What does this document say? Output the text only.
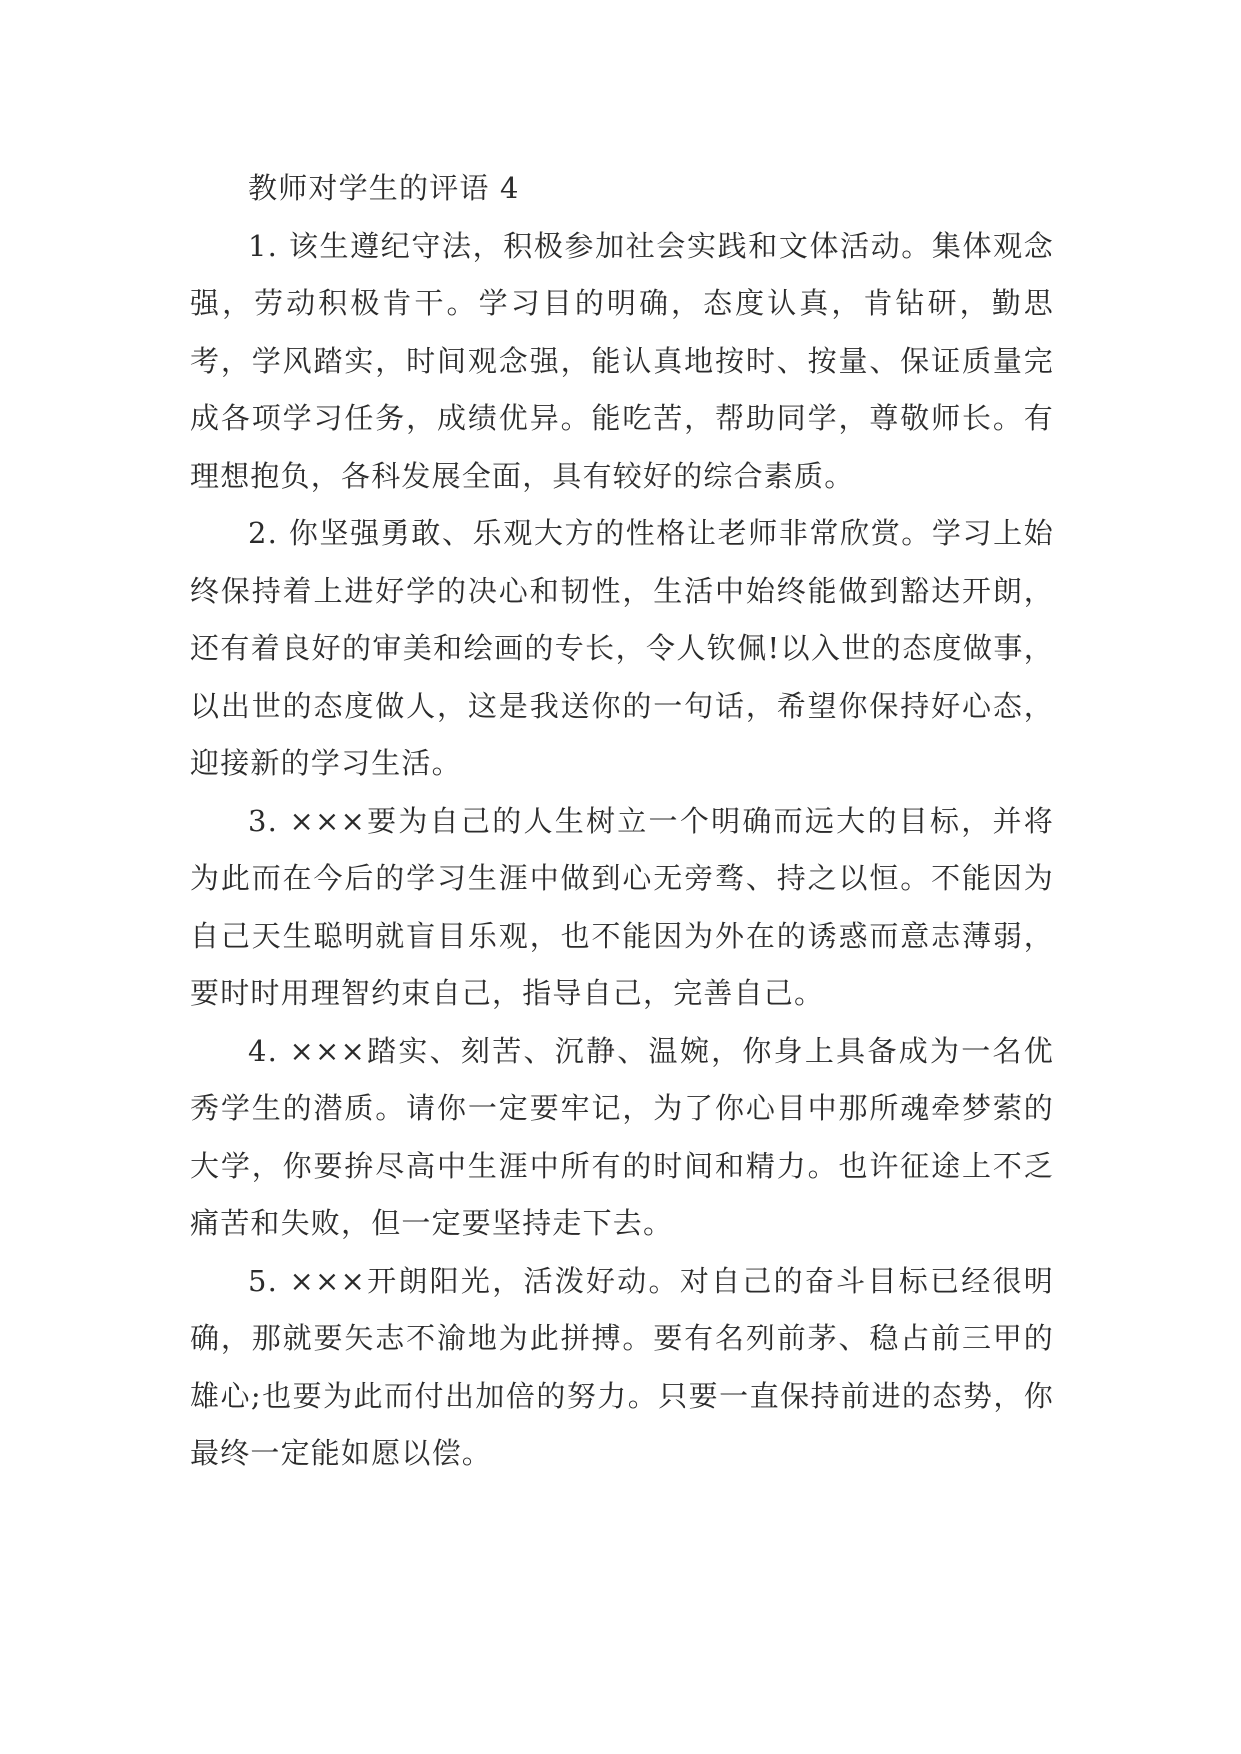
教师对学生的评语 4

1. 该生遵纪守法，积极参加社会实践和文体活动。集体观念强，劳动积极肯干。学习目的明确，态度认真，肯钻研，勤思考，学风踏实，时间观念强，能认真地按时、按量、保证质量完成各项学习任务，成绩优异。能吃苦，帮助同学，尊敬师长。有理想抱负，各科发展全面，具有较好的综合素质。

2. 你坚强勇敢、乐观大方的性格让老师非常欣赏。学习上始终保持着上进好学的决心和韧性，生活中始终能做到豁达开朗，还有着良好的审美和绘画的专长，令人钦佩!以入世的态度做事，以出世的态度做人，这是我送你的一句话，希望你保持好心态，迎接新的学习生活。

3. ×××要为自己的人生树立一个明确而远大的目标，并将为此而在今后的学习生涯中做到心无旁骛、持之以恒。不能因为自己天生聪明就盲目乐观，也不能因为外在的诱惑而意志薄弱，要时时用理智约束自己，指导自己，完善自己。

4. ×××踏实、刻苦、沉静、温婉，你身上具备成为一名优秀学生的潜质。请你一定要牢记，为了你心目中那所魂牵梦萦的大学，你要拚尽高中生涯中所有的时间和精力。也许征途上不乏痛苦和失败，但一定要坚持走下去。

5. ×××开朗阳光，活泼好动。对自己的奋斗目标已经很明确，那就要矢志不渝地为此拼搏。要有名列前茅、稳占前三甲的雄心;也要为此而付出加倍的努力。只要一直保持前进的态势，你最终一定能如愿以偿。
